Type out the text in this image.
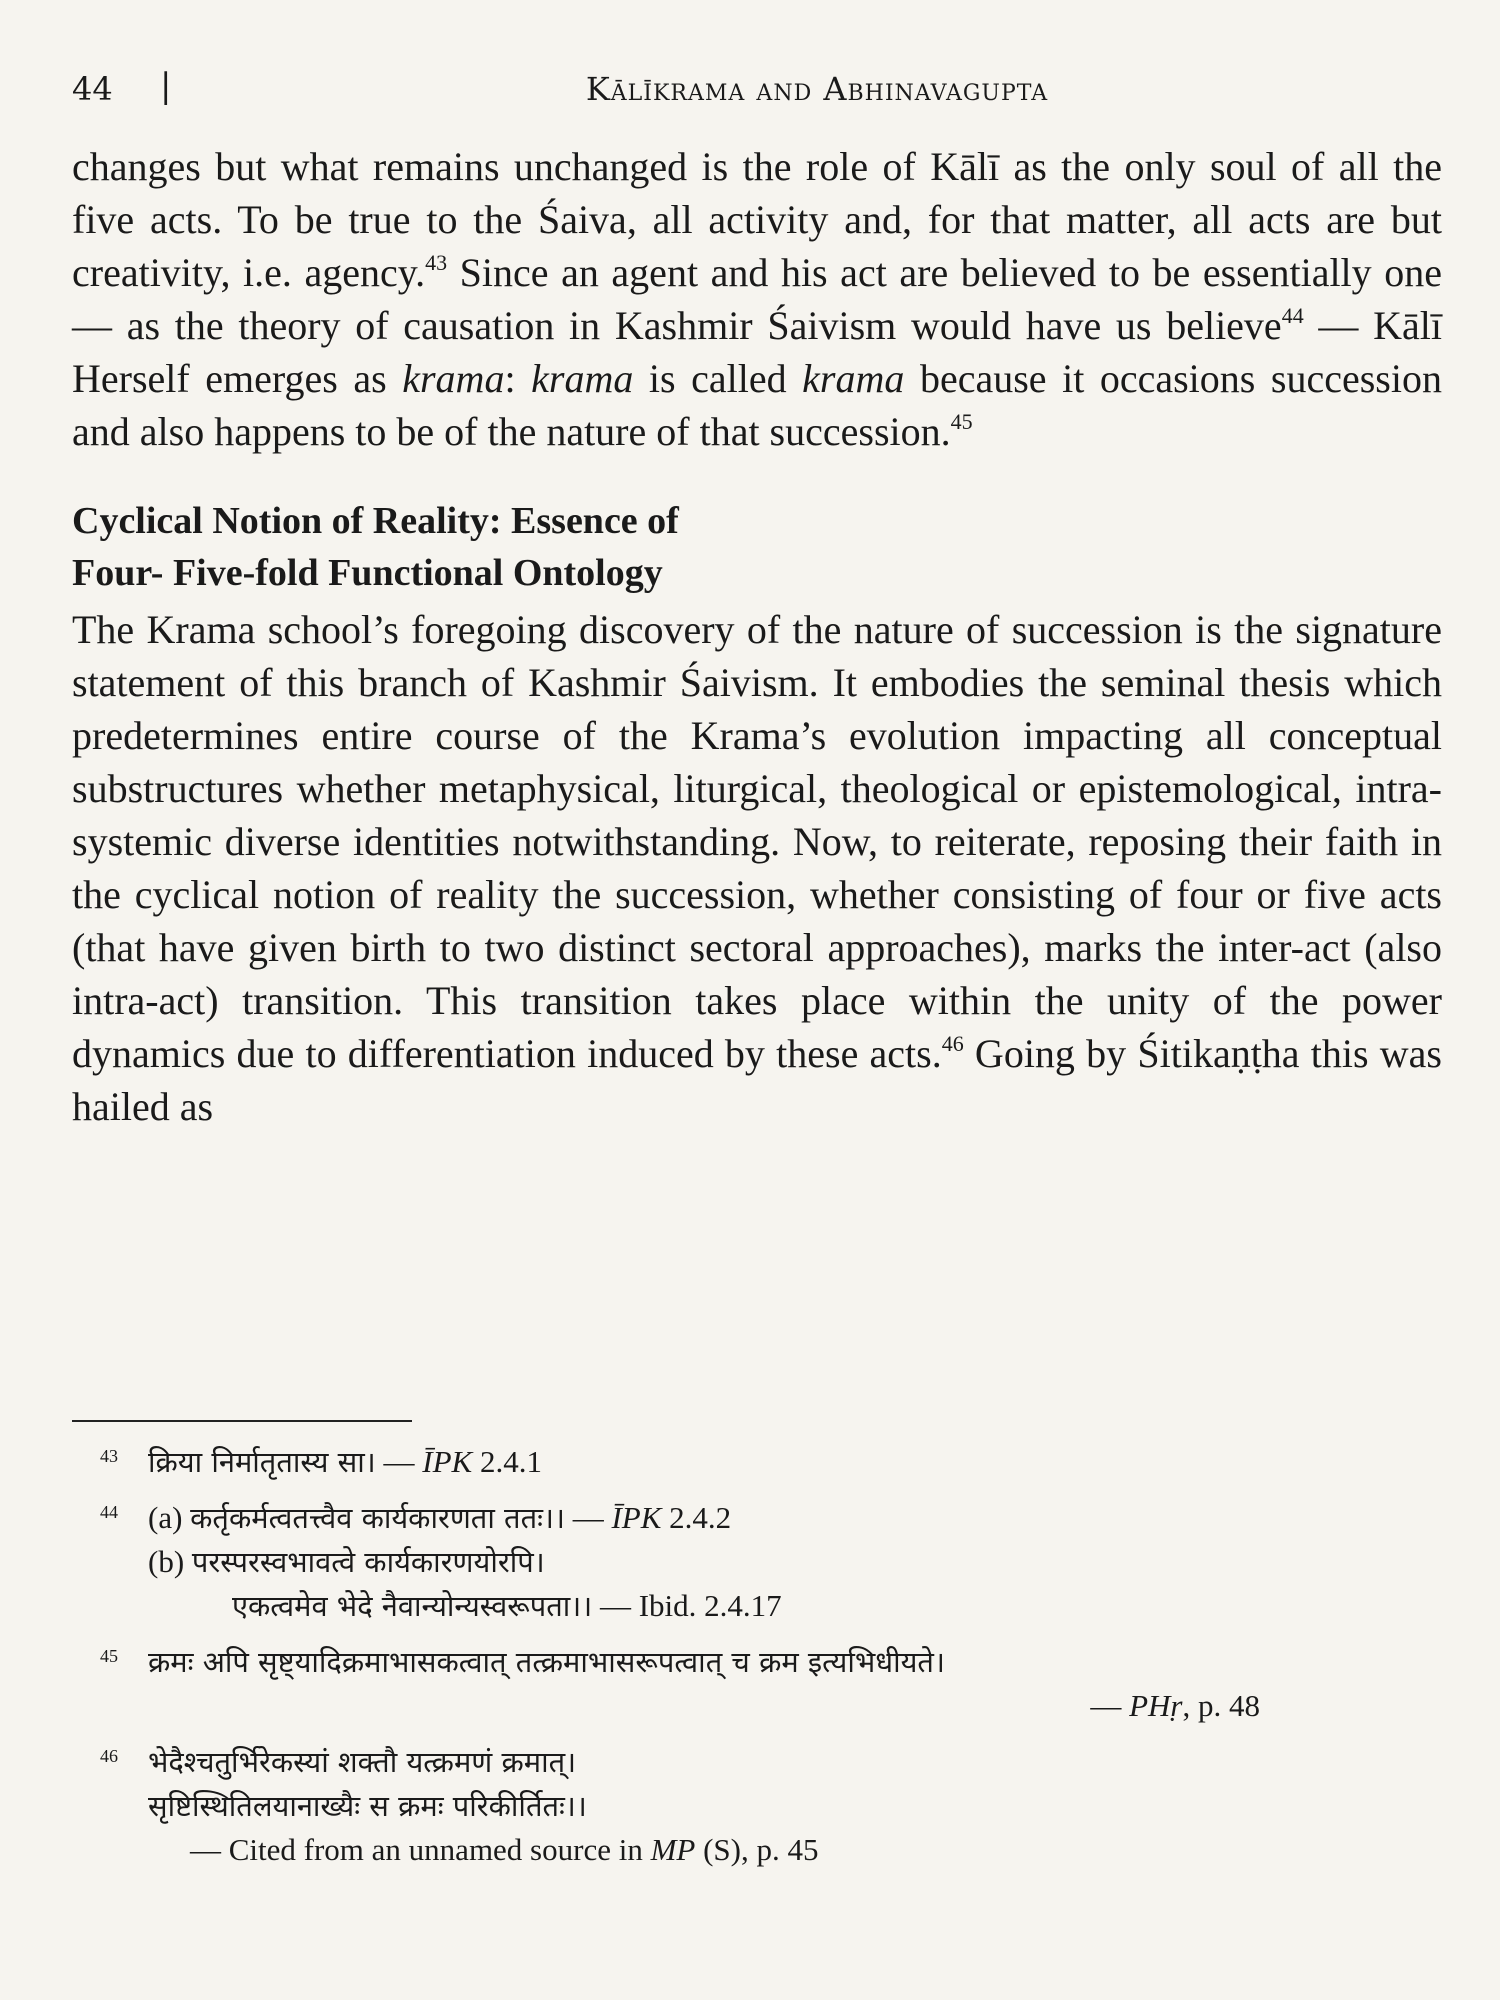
44 |	Kālīkrama and Abhinavagupta

changes but what remains unchanged is the role of Kālī as the only soul of all the five acts. To be true to the Śaiva, all activity and, for that matter, all acts are but creativity, i.e. agency.$^{43}$ Since an agent and his act are believed to be essentially one — as the theory of causation in Kashmir Śaivism would have us believe$^{44}$ — Kālī Herself emerges as krama: krama is called krama because it occasions succession and also happens to be of the nature of that succession.$^{45}$

Cyclical Notion of Reality: Essence of
Four- Five-fold Functional Ontology

The Krama school’s foregoing discovery of the nature of succession is the signature statement of this branch of Kashmir Śaivism. It embodies the seminal thesis which predetermines entire course of the Krama’s evolution impacting all conceptual substructures whether metaphysical, liturgical, theological or epistemological, intra-systemic diverse identities notwithstanding. Now, to reiterate, reposing their faith in the cyclical notion of reality the succession, whether consisting of four or five acts (that have given birth to two distinct sectoral approaches), marks the inter-act (also intra-act) transition. This transition takes place within the unity of the power dynamics due to differentiation induced by these acts.$^{46}$ Going by Śitikaṇṭha this was hailed as

43	क्रिया निर्मातृतास्य सा। — ĪPK 2.4.1
44 (a) कर्तृकर्मत्वतत्त्वैव कार्यकारणता ततः।। — ĪPK 2.4.2
(b) परस्परस्वभावत्वे कार्यकारणयोरपि।
एकत्वमेव भेदे नैवान्योन्यस्वरूपता।। — Ibid. 2.4.17
45	क्रमः अपि सृष्ट्यादिक्रमाभासकत्वात् तत्क्रमाभासरूपत्वात् च क्रम इत्यभिधीयते।
— PHṛ, p. 48
46	भेदैश्चतुर्भिरेकस्यां शक्तौ यत्क्रमणं क्रमात्।
सृष्टिस्थितिलयानाख्यैः स क्रमः परिकीर्तितः।।
— Cited from an unnamed source in MP (S), p. 45
